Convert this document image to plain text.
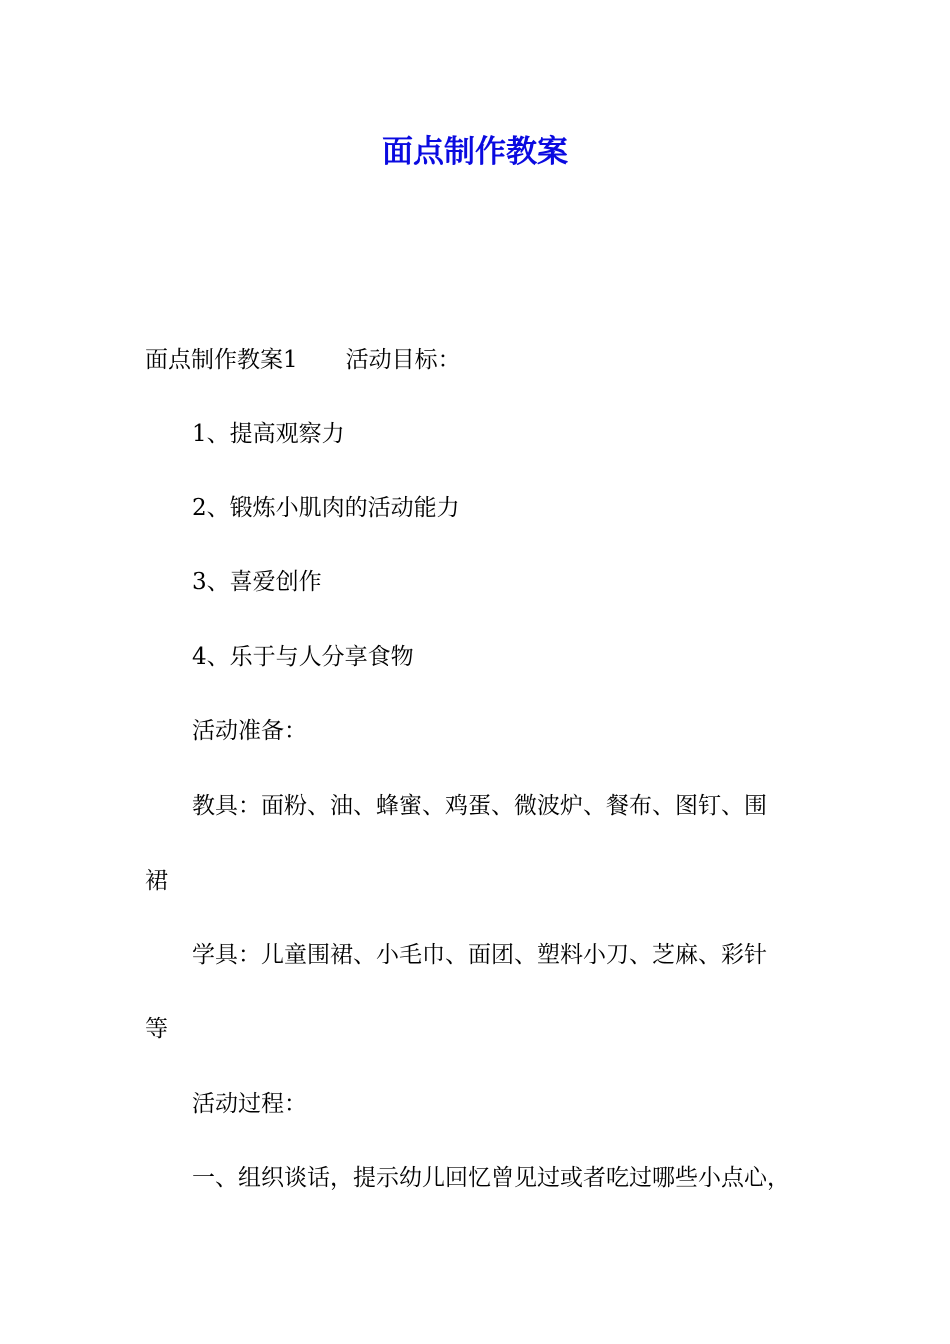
面点制作教案
面点制作教案1 活动目标：
1、提高观察力
2、锻炼小肌肉的活动能力
3、喜爱创作
4、乐于与人分享食物
活动准备：
教具：面粉、油、蜂蜜、鸡蛋、微波炉、餐布、图钉、围
裙
学具：儿童围裙、小毛巾、面团、塑料小刀、芝麻、彩针
等
活动过程：
一、组织谈话，提示幼儿回忆曾见过或者吃过哪些小点心，
